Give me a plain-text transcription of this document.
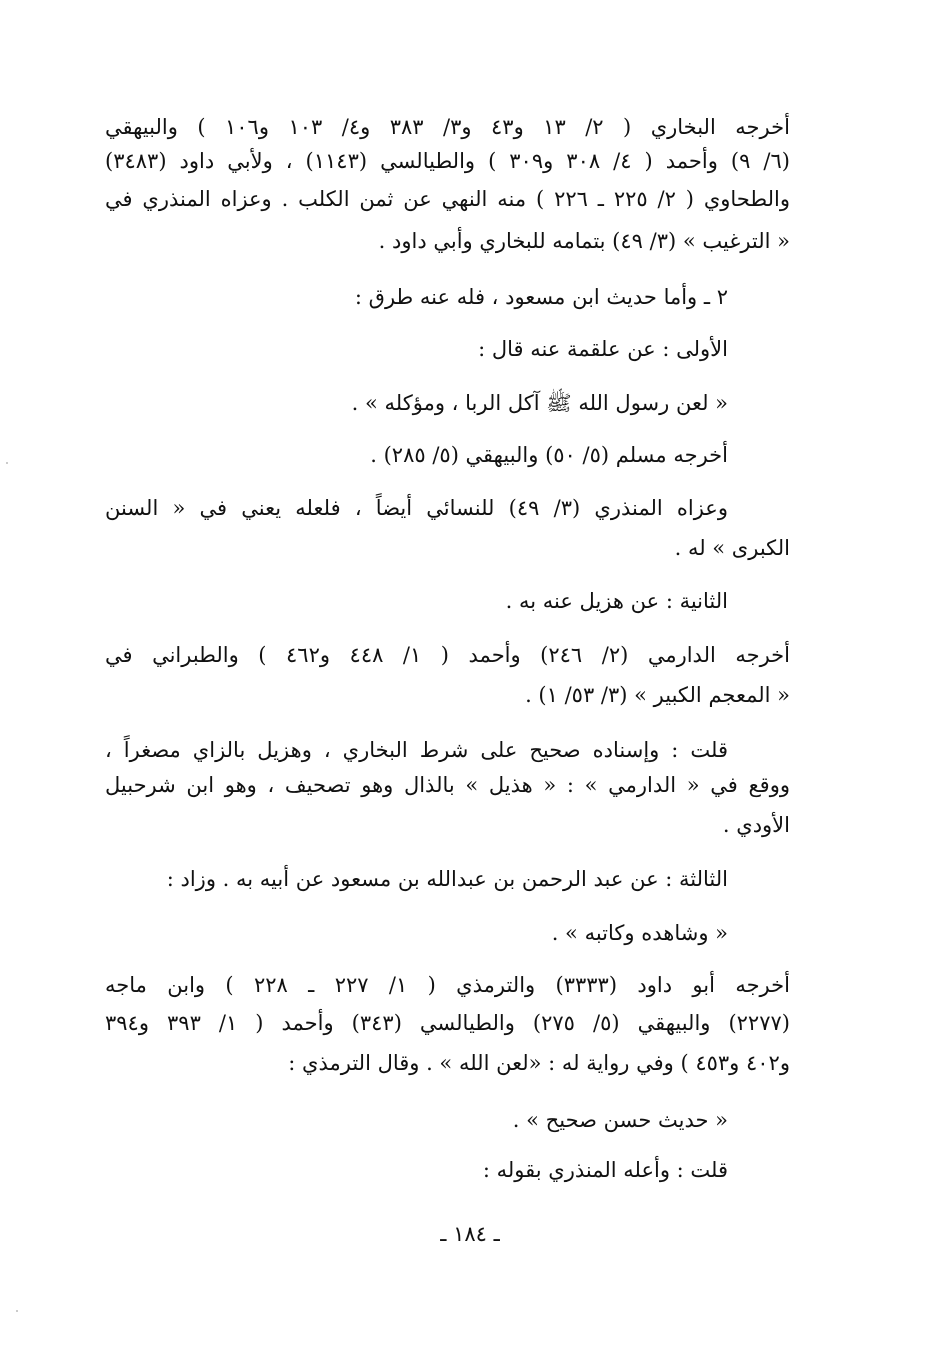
أخرجه البخاري ( ٢/ ١٣ و٤٣ و٣/ ٣٨٣ و٤/ ١٠٣ و١٠٦ ) والبيهقي
(٦/ ٩) وأحمد ( ٤/ ٣٠٨ و٣٠٩ ) والطيالسي (١١٤٣) ، ولأبي داود (٣٤٨٣)
والطحاوي ( ٢/ ٢٢٥ ـ ٢٢٦ ) منه النهي عن ثمن الكلب . وعزاه المنذري في
« الترغيب » (٣/ ٤٩) بتمامه للبخاري وأبي داود .
٢ ـ وأما حديث ابن مسعود ، فله عنه طرق :
الأولى : عن علقمة عنه قال :
« لعن رسول الله ﷺ آكل الربا ، ومؤكله » .
أخرجه مسلم (٥/ ٥٠) والبيهقي (٥/ ٢٨٥) .
وعزاه المنذري (٣/ ٤٩) للنسائي أيضاً ، فلعله يعني في « السنن
الكبرى » له .
الثانية : عن هزيل عنه به .
أخرجه الدارمي (٢/ ٢٤٦) وأحمد ( ١/ ٤٤٨ و٤٦٢ ) والطبراني في
« المعجم الكبير » (٣/ ٥٣/ ١) .
قلت : وإسناده صحيح على شرط البخاري ، وهزيل بالزاي مصغراً ،
ووقع في « الدارمي » : « هذيل » بالذال وهو تصحيف ، وهو ابن شرحبيل
الأودي .
الثالثة : عن عبد الرحمن بن عبدالله بن مسعود عن أبيه به . وزاد :
« وشاهده وكاتبه » .
أخرجه أبو داود (٣٣٣٣) والترمذي ( ١/ ٢٢٧ ـ ٢٢٨ ) وابن ماجه
(٢٢٧٧) والبيهقي (٥/ ٢٧٥) والطيالسي (٣٤٣) وأحمد ( ١/ ٣٩٣ و٣٩٤
و٤٠٢ و٤٥٣ ) وفي رواية له : «لعن الله » . وقال الترمذي :
« حديث حسن صحيح » .
قلت : وأعله المنذري بقوله :
ـ ١٨٤ ـ
